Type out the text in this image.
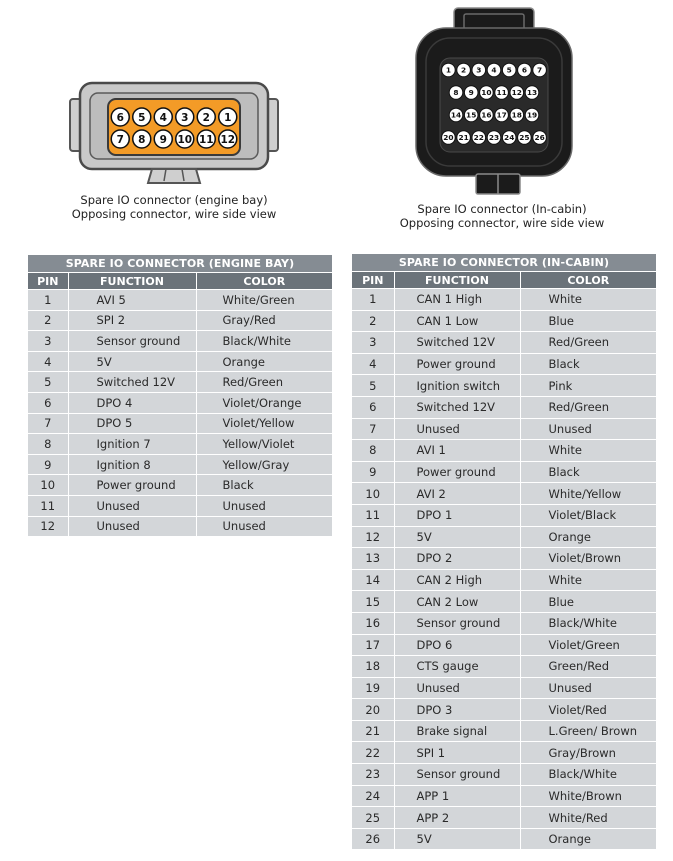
6 5 4 3 2 1
7 8 9 10 11 12
Spare IO connector (engine bay)
Opposing connector, wire side view
1 2 3 4 5 6 7
8 9 10 11 12 13
14 15 16 17 18 19
20 21 22 23 24 25 26
Spare IO connector (In-cabin)
Opposing connector, wire side view
SPARE IO CONNECTOR (ENGINE BAY)		
PIN	FUNCTION	COLOR
1	AVI 5	White/Green
2	SPI 2	Gray/Red
3	Sensor ground	Black/White
4	5V	Orange
5	Switched 12V	Red/Green
6	DPO 4	Violet/Orange
7	DPO 5	Violet/Yellow
8	Ignition 7	Yellow/Violet
9	Ignition 8	Yellow/Gray
10	Power ground	Black
11	Unused	Unused
12	Unused	Unused
SPARE IO CONNECTOR (IN-CABIN)		
PIN	FUNCTION	COLOR
1	CAN 1 High	White
2	CAN 1 Low	Blue
3	Switched 12V	Red/Green
4	Power ground	Black
5	Ignition switch	Pink
6	Switched 12V	Red/Green
7	Unused	Unused
8	AVI 1	White
9	Power ground	Black
10	AVI 2	White/Yellow
11	DPO 1	Violet/Black
12	5V	Orange
13	DPO 2	Violet/Brown
14	CAN 2 High	White
15	CAN 2 Low	Blue
16	Sensor ground	Black/White
17	DPO 6	Violet/Green
18	CTS gauge	Green/Red
19	Unused	Unused
20	DPO 3	Violet/Red
21	Brake signal	L.Green/ Brown
22	SPI 1	Gray/Brown
23	Sensor ground	Black/White
24	APP 1	White/Brown
25	APP 2	White/Red
26	5V	Orange
